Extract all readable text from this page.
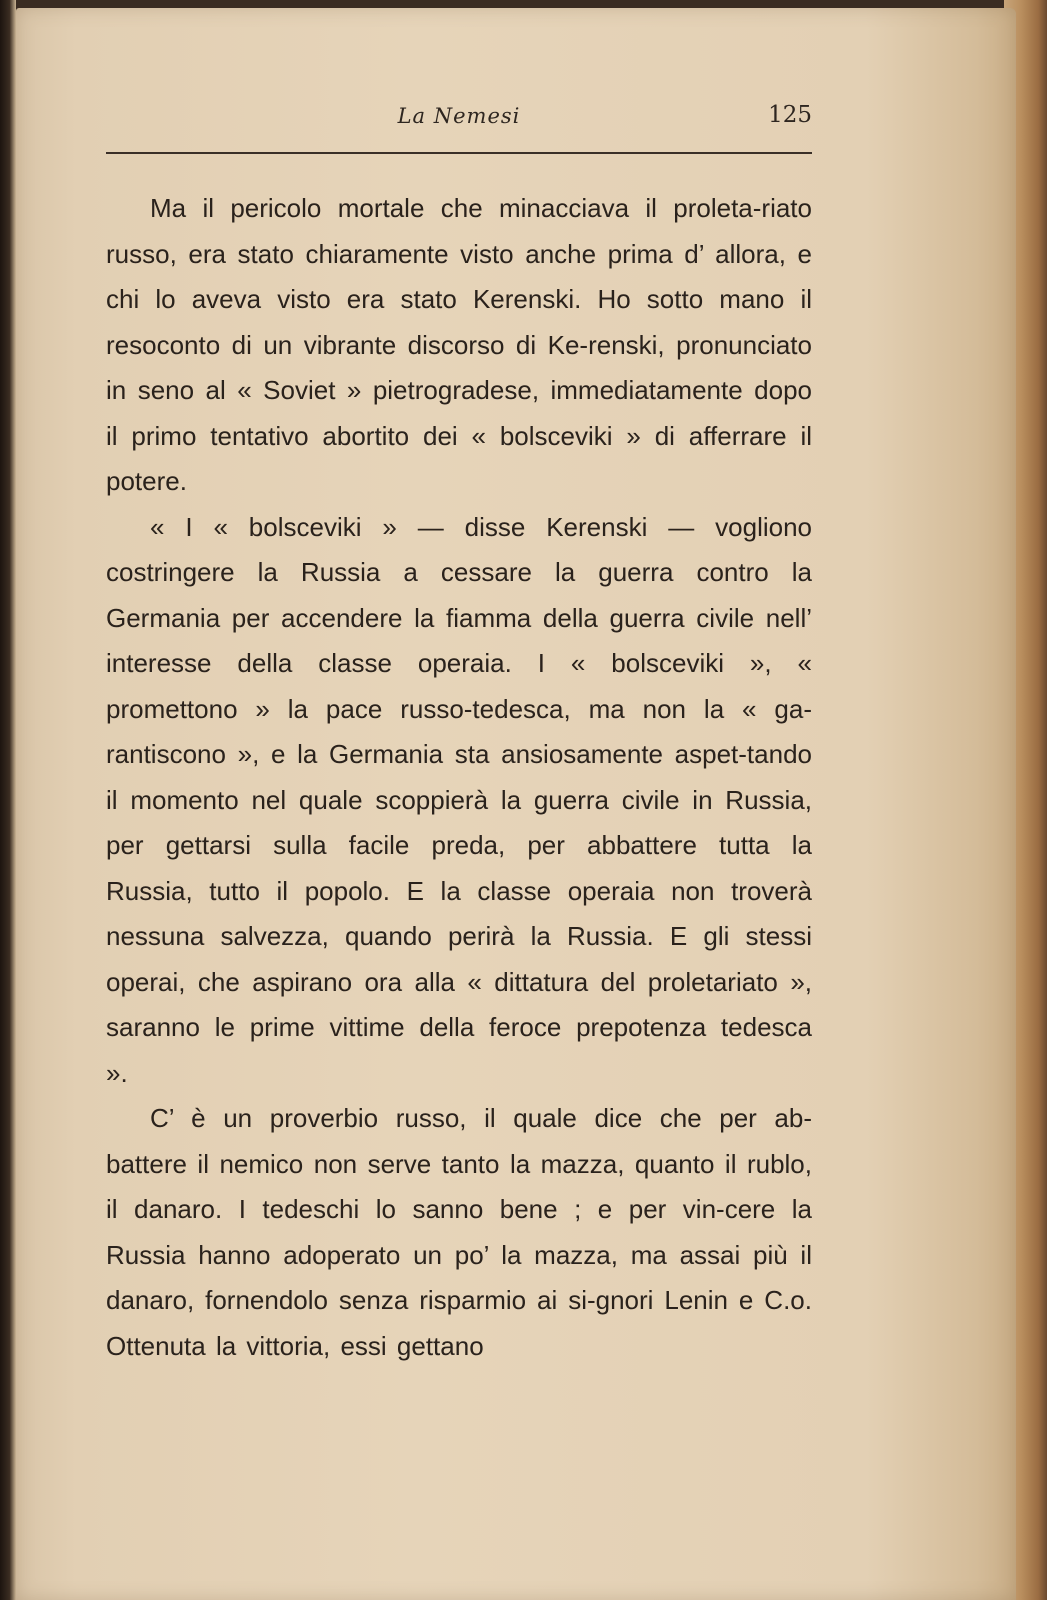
La Nemesi	125

Ma il pericolo mortale che minacciava il proleta-riato russo, era stato chiaramente visto anche prima d’ allora, e chi lo aveva visto era stato Kerenski. Ho sotto mano il resoconto di un vibrante discorso di Ke-renski, pronunciato in seno al « Soviet » pietrogradese, immediatamente dopo il primo tentativo abortito dei « bolsceviki » di afferrare il potere.

« I « bolsceviki » — disse Kerenski — vogliono costringere la Russia a cessare la guerra contro la Germania per accendere la fiamma della guerra civile nell’ interesse della classe operaia. I « bolsceviki », « promettono » la pace russo-tedesca, ma non la « ga-rantiscono », e la Germania sta ansiosamente aspet-tando il momento nel quale scoppierà la guerra civile in Russia, per gettarsi sulla facile preda, per abbattere tutta la Russia, tutto il popolo. E la classe operaia non troverà nessuna salvezza, quando perirà la Russia. E gli stessi operai, che aspirano ora alla « dittatura del proletariato », saranno le prime vittime della feroce prepotenza tedesca ».

C’ è un proverbio russo, il quale dice che per ab-battere il nemico non serve tanto la mazza, quanto il rublo, il danaro. I tedeschi lo sanno bene ; e per vin-cere la Russia hanno adoperato un po’ la mazza, ma assai più il danaro, fornendolo senza risparmio ai si-gnori Lenin e C.o. Ottenuta la vittoria, essi gettano
